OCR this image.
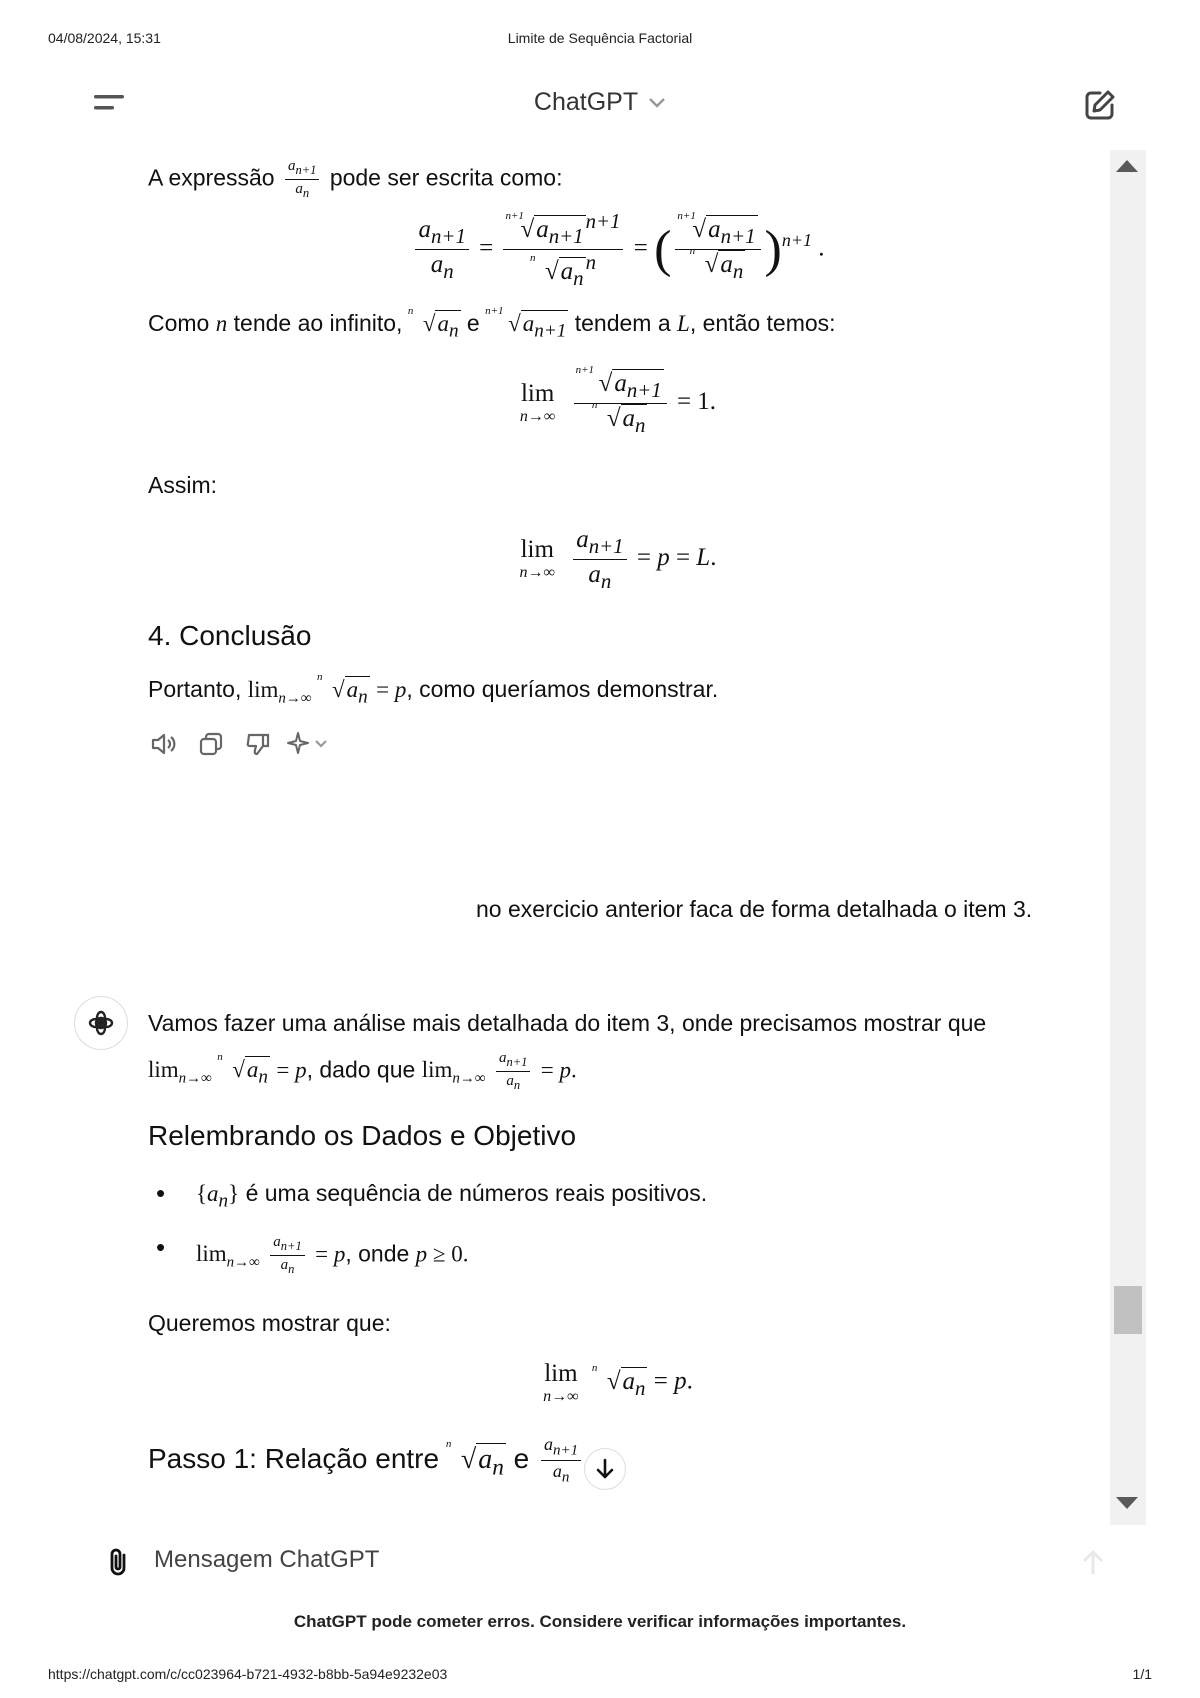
04/08/2024, 15:31	Limite de Sequência Factorial
ChatGPT
A expressão $\frac{a_{n+1}}{a_n}$ pode ser escrita como:
$\frac{a_{n+1}}{a_n} = n+1$
$√a_{n+1}^{n+1}$
n $√a_n^n$ = ( n+1
$√a_{n+1}$
n $√a_n$ )$^{n+1}$ .
Como n tende ao infinito, n $√a_n$ e n+1 $√a_{n+1}$ tendem a L, então temos:
lim
n→∞
$\frac{n+1 √a_{n+1}}{n √a_n} = 1$.
Assim:
lim
n→∞
$\frac{a_{n+1}}{a_n} = p = L$.
4. Conclusão
Portanto, $\lim_{n\to\infty}$
n $√a_n = p$, como queríamos demonstrar.
no exercicio anterior faca de forma detalhada o item 3.
Vamos fazer uma análise mais detalhada do item 3, onde precisamos mostrar que
$\lim_{n\to\infty}$
n $√a_n = p$, dado que $\lim_{n\to\infty} \frac{a_{n+1}}{a_n} = p$.
Relembrando os Dados e Objetivo
• $\{a_n\}$ é uma sequência de números reais positivos.
• $\lim_{n\to\infty} \frac{a_{n+1}}{a_n} = p$, onde p ≥ 0.
Queremos mostrar que:
lim
n→∞

n $√a_n = p$.
Passo 1: Relação entre n $√a_n$ e $\frac{a_{n+1}}{a_n}$
Mensagem ChatGPT
ChatGPT pode cometer erros. Considere verificar informações importantes.
https://chatgpt.com/c/cc023964-b721-4932-b8bb-5a94e9232e03	1/1
